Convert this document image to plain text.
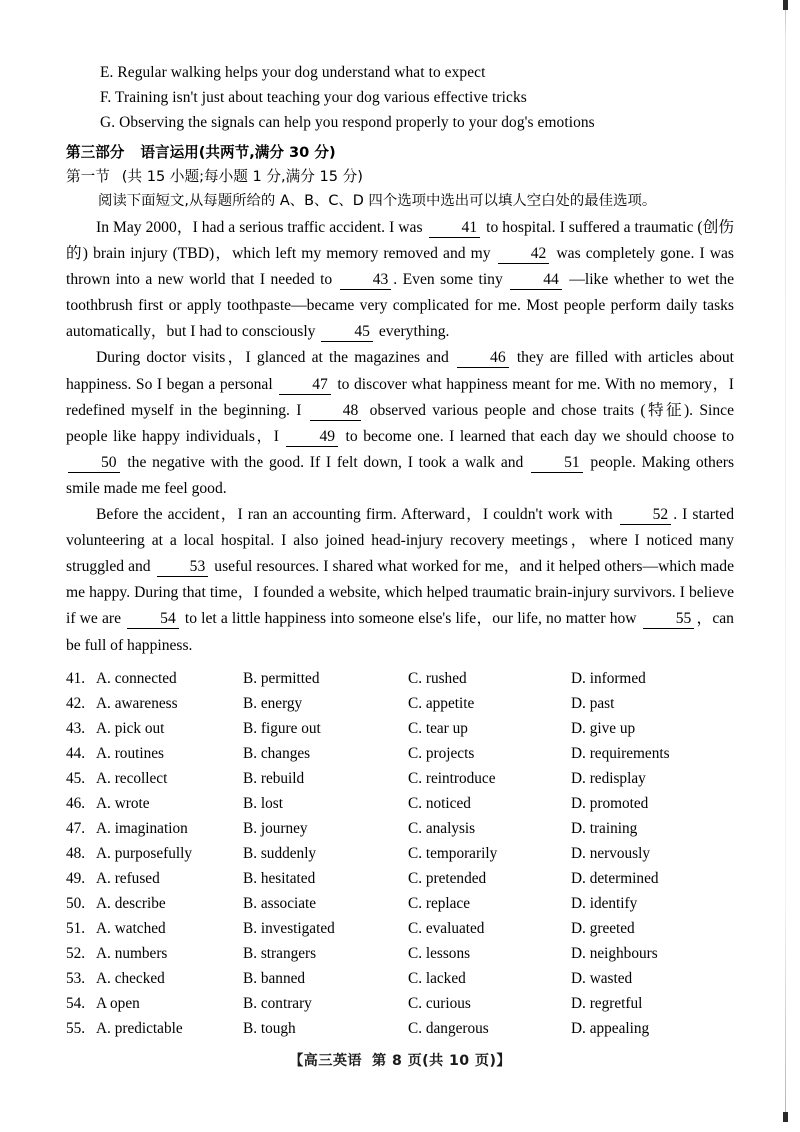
E. Regular walking helps your dog understand what to expect
F. Training isn't just about teaching your dog various effective tricks
G. Observing the signals can help you respond properly to your dog's emotions
第三部分 语言运用(共两节,满分 30 分)
第一节 (共 15 小题;每小题 1 分,满分 15 分)
阅读下面短文,从每题所给的 A、B、C、D 四个选项中选出可以填人空白处的最佳选项。

In May 2000，I had a serious traffic accident. I was 41 to hospital. I suffered a traumatic (创伤的) brain injury (TBD)，which left my memory removed and my 42 was completely gone. I was thrown into a new world that I needed to 43 . Even some tiny 44 —like whether to wet the toothbrush first or apply toothpaste—became very complicated for me. Most people perform daily tasks automatically，but I had to consciously 45 everything.

During doctor visits，I glanced at the magazines and 46 they are filled with articles about happiness. So I began a personal 47 to discover what happiness meant for me. With no memory，I redefined myself in the beginning. I 48 observed various people and chose traits (特征). Since people like happy individuals，I 49 to become one. I learned that each day we should choose to 50 the negative with the good. If I felt down, I took a walk and 51 people. Making others smile made me feel good.

Before the accident，I ran an accounting firm. Afterward，I couldn't work with 52 . I started volunteering at a local hospital. I also joined head-injury recovery meetings，where I noticed many struggled and 53 useful resources. I shared what worked for me，and it helped others—which made me happy. During that time，I founded a website, which helped traumatic brain-injury survivors. I believe if we are 54 to let a little happiness into someone else's life，our life, no matter how 55 ，can be full of happiness.

41. A. connected	B. permitted	C. rushed	D. informed
42. A. awareness	B. energy	C. appetite	D. past
43. A. pick out	B. figure out	C. tear up	D. give up
44. A. routines	B. changes	C. projects	D. requirements
45. A. recollect	B. rebuild	C. reintroduce	D. redisplay
46. A. wrote	B. lost	C. noticed	D. promoted
47. A. imagination	B. journey	C. analysis	D. training
48. A. purposefully	B. suddenly	C. temporarily	D. nervously
49. A. refused	B. hesitated	C. pretended	D. determined
50. A. describe	B. associate	C. replace	D. identify
51. A. watched	B. investigated	C. evaluated	D. greeted
52. A. numbers	B. strangers	C. lessons	D. neighbours
53. A. checked	B. banned	C. lacked	D. wasted
54. A open	B. contrary	C. curious	D. regretful
55. A. predictable	B. tough	C. dangerous	D. appealing
【高三英语 第 8 页(共 10 页)】
